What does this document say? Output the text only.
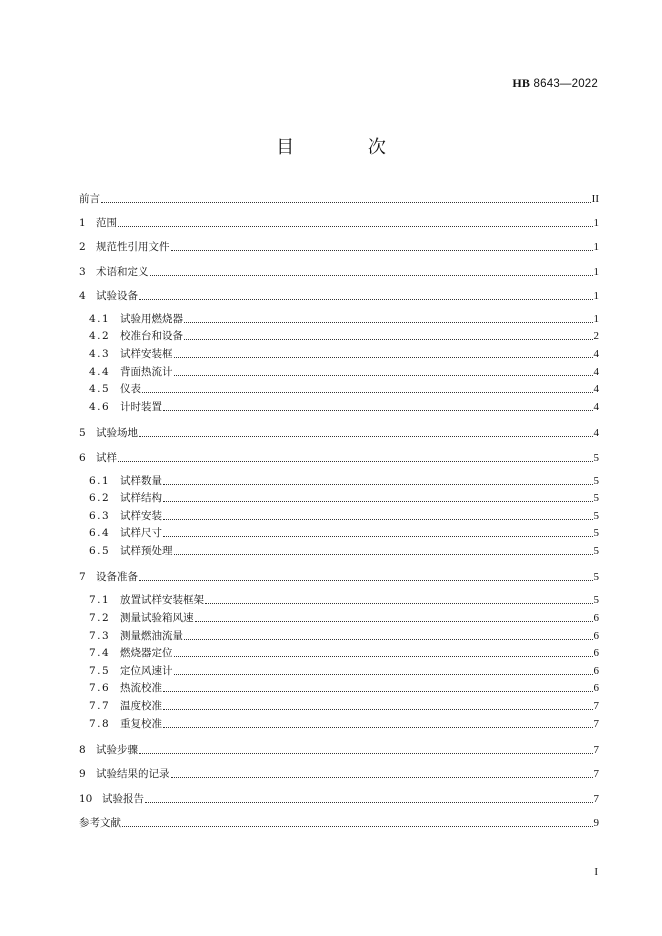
HB 8643—2022
目 次
前言	II
1 范围	1
2 规范性引用文件	1
3 术语和定义	1
4 试验设备	1
4.1 试验用燃烧器	1
4.2 校准台和设备	2
4.3 试样安装框	4
4.4 背面热流计	4
4.5 仪表	4
4.6 计时装置	4
5 试验场地	4
6 试样	5
6.1 试样数量	5
6.2 试样结构	5
6.3 试样安装	5
6.4 试样尺寸	5
6.5 试样预处理	5
7 设备准备	5
7.1 放置试样安装框架	5
7.2 测量试验箱风速	6
7.3 测量燃油流量	6
7.4 燃烧器定位	6
7.5 定位风速计	6
7.6 热流校准	6
7.7 温度校准	7
7.8 重复校准	7
8 试验步骤	7
9 试验结果的记录	7
10 试验报告	7
参考文献	9
I
